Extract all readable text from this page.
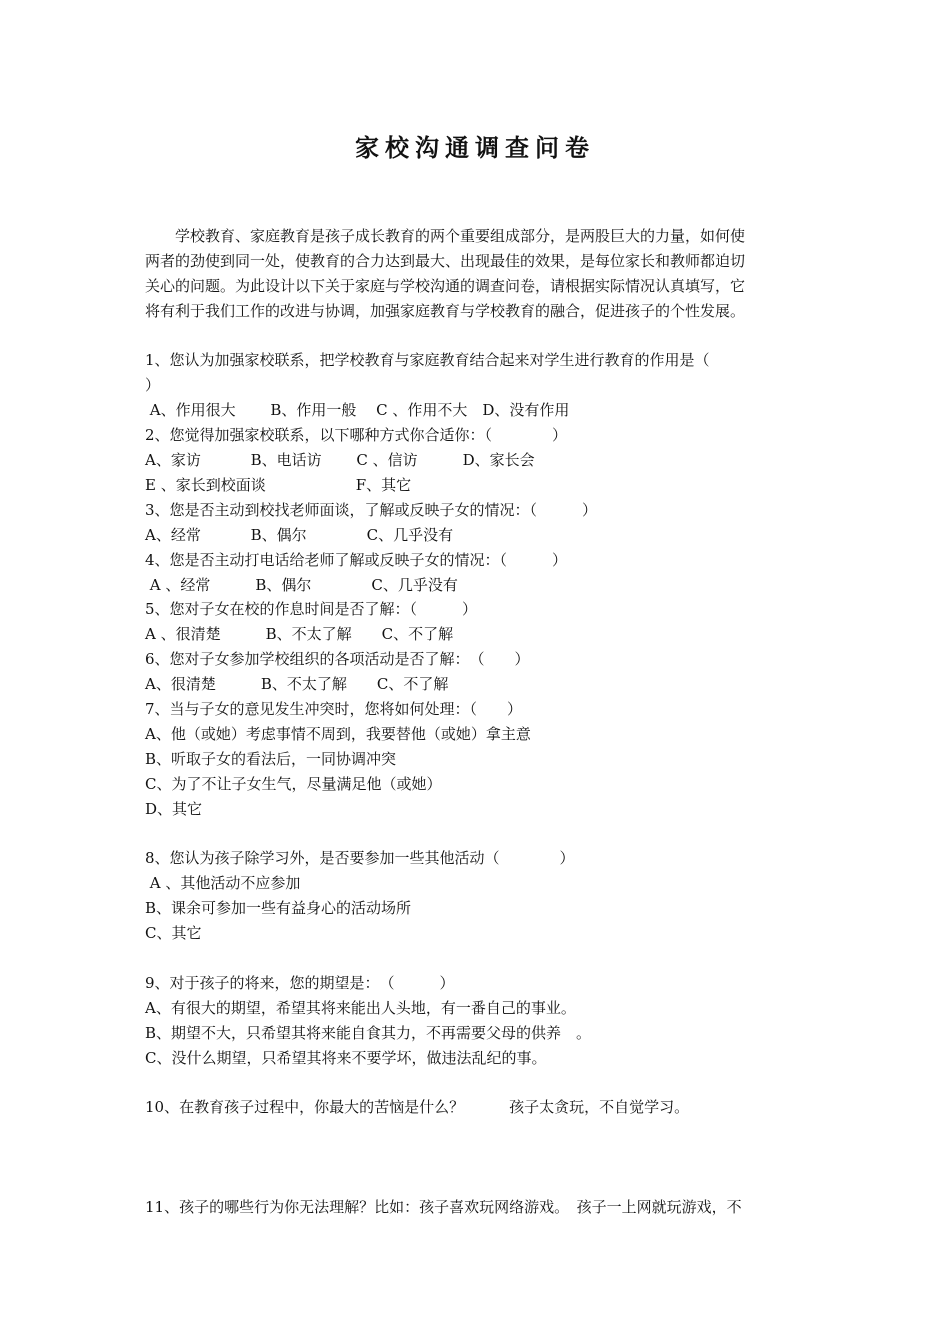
家校沟通调查问卷
　　学校教育、家庭教育是孩子成长教育的两个重要组成部分，是两股巨大的力量，如何使
两者的劲使到同一处，使教育的合力达到最大、出现最佳的效果，是每位家长和教师都迫切
关心的问题。为此设计以下关于家庭与学校沟通的调查问卷，请根据实际情况认真填写，它
将有利于我们工作的改进与协调，加强家庭教育与学校教育的融合，促进孩子的个性发展。
1、您认为加强家校联系，把学校教育与家庭教育结合起来对学生进行教育的作用是（
）
A、作用很大　　 B、作用一般　 C 、作用不大　D、没有作用
2、您觉得加强家校联系，以下哪种方式你合适你：（　　　　）
A、家访　　　 B、电话访　　 C 、信访　　　D、家长会
E 、家长到校面谈　　　　　　F、其它
3、您是否主动到校找老师面谈，了解或反映子女的情况：（　　　）
A、经常　　　 B、偶尔　　　　C、几乎没有
4、您是否主动打电话给老师了解或反映子女的情况：（　　　）
A 、经常　　　B、偶尔　　　　C、几乎没有
5、您对子女在校的作息时间是否了解：（　　　）
A 、很清楚　　　B、不太了解　　C、不了解
6、您对子女参加学校组织的各项活动是否了解：　（　　）
A、很清楚　　　B、不太了解　　C、不了解
7、当与子女的意见发生冲突时，您将如何处理：（　　）
A、他（或她）考虑事情不周到，我要替他（或她）拿主意
B、听取子女的看法后，一同协调冲突
C、为了不让子女生气，尽量满足他（或她）
D、其它
8、您认为孩子除学习外，是否要参加一些其他活动（　　　　）
A 、其他活动不应参加
B、课余可参加一些有益身心的活动场所
C、其它
9、对于孩子的将来，您的期望是：　（　　　）
A、有很大的期望，希望其将来能出人头地，有一番自己的事业。
B、期望不大，只希望其将来能自食其力，不再需要父母的供养　。
C、没什么期望，只希望其将来不要学坏，做违法乱纪的事。
10、在教育孩子过程中，你最大的苦恼是什么？　　　孩子太贪玩，不自觉学习。
11、孩子的哪些行为你无法理解？比如：孩子喜欢玩网络游戏。　孩子一上网就玩游戏，不
